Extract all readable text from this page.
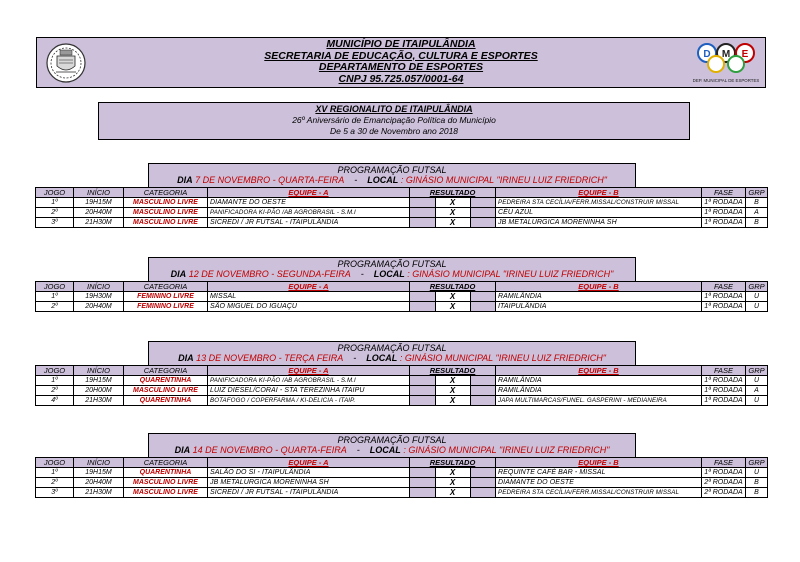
MUNICÍPIO DE ITAIPULÂNDIA
SECRETARIA DE EDUCAÇÃO, CULTURA E ESPORTES
DEPARTAMENTO DE ESPORTES
CNPJ 95.725.057/0001-64
D M E
DEP. MUNICIPAL DE ESPORTES
XV REGIONALITO DE ITAIPULÂNDIA
26º Aniversário de Emancipação Política do Município
De 5 a 30 de Novembro ano 2018
PROGRAMAÇÃO FUTSAL
DIA 7 DE NOVEMBRO - QUARTA-FEIRA - LOCAL : GINÁSIO MUNICIPAL "IRINEU LUIZ FRIEDRICH"
JOGO	INÍCIO	CATEGORIA	EQUIPE - A	RESULTADO	EQUIPE - B	FASE	GRP
1º	19H15M	MASCULINO LIVRE	DIAMANTE DO OESTE	X	PEDREIRA STA CECÍLIA/FERR.MISSAL/CONSTRUIR MISSAL	1ª RODADA	B
2º	20H40M	MASCULINO LIVRE	PANIFICADORA KI-PÃO /AB AGROBRASIL - S.M.I	X	CÉU AZUL	1ª RODADA	A
3º	21H30M	MASCULINO LIVRE	SICREDI / JR FUTSAL - ITAIPULÂNDIA	X	JB METALURGICA MORENINHA SH	1ª RODADA	B
PROGRAMAÇÃO FUTSAL
DIA 12 DE NOVEMBRO - SEGUNDA-FEIRA - LOCAL : GINÁSIO MUNICIPAL "IRINEU LUIZ FRIEDRICH"
JOGO	INÍCIO	CATEGORIA	EQUIPE - A	RESULTADO	EQUIPE - B	FASE	GRP
1º	19H30M	FEMININO LIVRE	MISSAL	X	RAMILÂNDIA	1ª RODADA	U
2º	20H40M	FEMININO LIVRE	SÃO MIGUEL DO IGUAÇU	X	ITAIPULÂNDIA	1ª RODADA	U
PROGRAMAÇÃO FUTSAL
DIA 13 DE NOVEMBRO - TERÇA FEIRA - LOCAL : GINÁSIO MUNICIPAL "IRINEU LUIZ FRIEDRICH"
JOGO	INÍCIO	CATEGORIA	EQUIPE - A	RESULTADO	EQUIPE - B	FASE	GRP
1º	19H15M	QUARENTINHA	PANIFICADORA KI-PÃO /AB AGROBRASIL - S.M.I	X	RAMILÂNDIA	1ª RODADA	U
2º	20H00M	MASCULINO LIVRE	LUIZ DIESEL/CORAI - STA TEREZINHA ITAIPU	X	RAMILÂNDIA	1ª RODADA	A
4º	21H30M	QUARENTINHA	BOTAFOGO / COPERFARMA / KI-DELICIA - ITAIP.	X	JAPA MULTIMARCAS/FUNEL. GASPERINI - MEDIANEIRA	1ª RODADA	U
PROGRAMAÇÃO FUTSAL
DIA 14 DE NOVEMBRO - QUARTA-FEIRA - LOCAL : GINÁSIO MUNICIPAL "IRINEU LUIZ FRIEDRICH"
JOGO	INÍCIO	CATEGORIA	EQUIPE - A	RESULTADO	EQUIPE - B	FASE	GRP
1º	19H15M	QUARENTINHA	SALÃO DO SI - ITAIPULÂNDIA	X	REQUINTE CAFÉ BAR - MISSAL	1ª RODADA	U
2º	20H40M	MASCULINO LIVRE	JB METALURGICA MORENINHA SH	X	DIAMANTE DO OESTE	2ª RODADA	B
3º	21H30M	MASCULINO LIVRE	SICREDI / JR FUTSAL - ITAIPULÂNDIA	X	PEDREIRA STA CECÍLIA/FERR.MISSAL/CONSTRUIR MISSAL	2ª RODADA	B
